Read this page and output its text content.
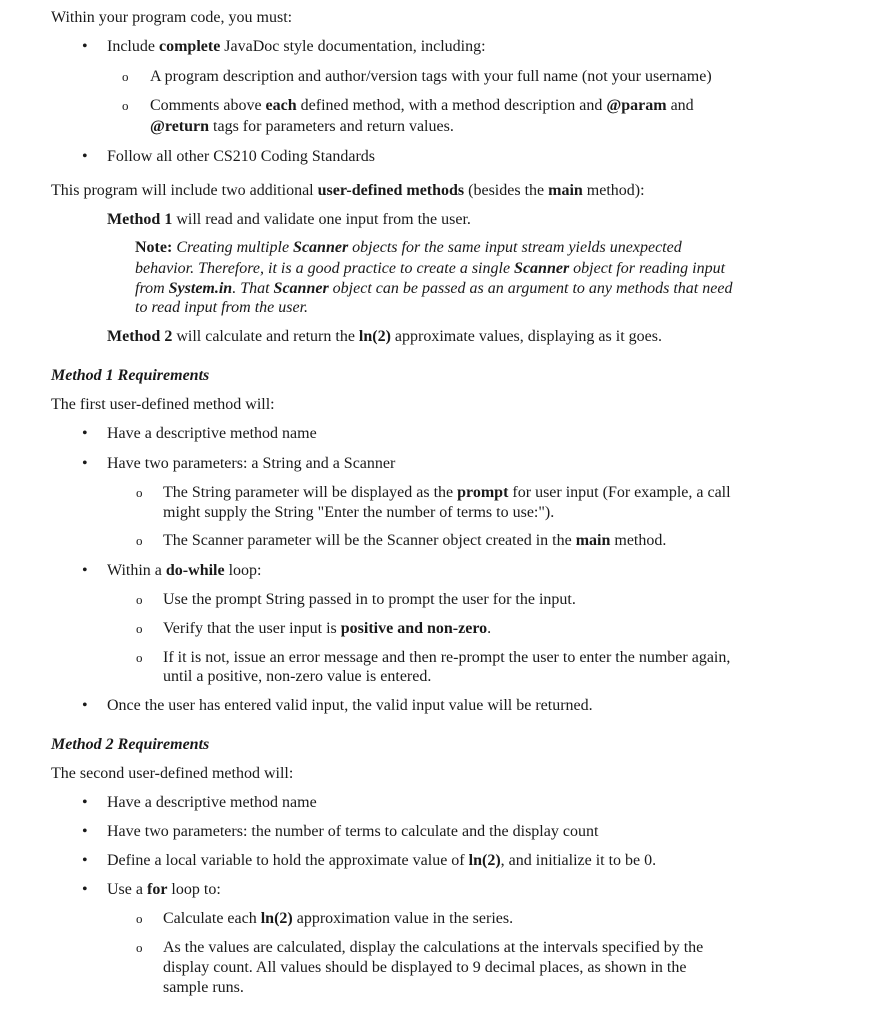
Within your program code, you must:
• Include complete JavaDoc style documentation, including:
o A program description and author/version tags with your full name (not your username)
o Comments above each defined method, with a method description and @param and
@return tags for parameters and return values.
• Follow all other CS210 Coding Standards
This program will include two additional user-defined methods (besides the main method):
Method 1 will read and validate one input from the user.
Note: Creating multiple Scanner objects for the same input stream yields unexpected
behavior. Therefore, it is a good practice to create a single Scanner object for reading input
from System.in. That Scanner object can be passed as an argument to any methods that need
to read input from the user.
Method 2 will calculate and return the ln(2) approximate values, displaying as it goes.
Method 1 Requirements
The first user-defined method will:
• Have a descriptive method name
• Have two parameters: a String and a Scanner
o The String parameter will be displayed as the prompt for user input (For example, a call
might supply the String "Enter the number of terms to use:").
o The Scanner parameter will be the Scanner object created in the main method.
• Within a do-while loop:
o Use the prompt String passed in to prompt the user for the input.
o Verify that the user input is positive and non-zero.
o If it is not, issue an error message and then re-prompt the user to enter the number again,
until a positive, non-zero value is entered.
• Once the user has entered valid input, the valid input value will be returned.
Method 2 Requirements
The second user-defined method will:
• Have a descriptive method name
• Have two parameters: the number of terms to calculate and the display count
• Define a local variable to hold the approximate value of ln(2), and initialize it to be 0.
• Use a for loop to:
o Calculate each ln(2) approximation value in the series.
o As the values are calculated, display the calculations at the intervals specified by the
display count. All values should be displayed to 9 decimal places, as shown in the
sample runs.
